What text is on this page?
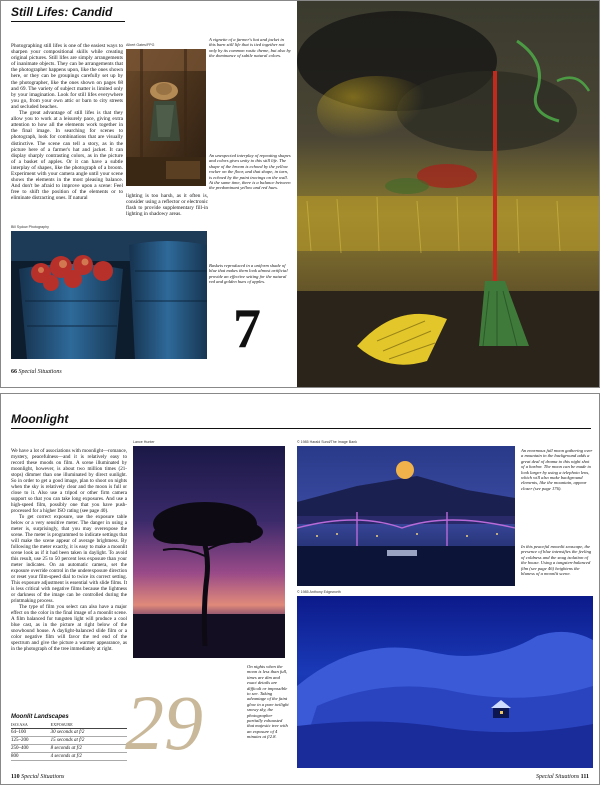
Still Lifes: Candid

Photographing still lifes is one of the easiest ways to sharpen your compositional skills while creating original pictures. Still lifes are simply arrangements of inanimate objects. They can be arrangements that the photographer happens upon, like the ones shown here, or they can be groupings carefully set up by the photographer, like the ones shown on pages 68 and 69. The variety of subject matter is limited only by your imagination. Look for still lifes everywhere you go, from your own attic or barn to city streets and secluded beaches.

The great advantage of still lifes is that they allow you to work at a leisurely pace, giving extra attention to how all the elements work together in the final image. In searching for scenes to photograph, look for combinations that are visually distinctive. The scene can tell a story, as in the picture here of a farmer's hat and jacket. It can display sharply contrasting colors, as in the picture of a basket of apples. Or it can have a subtle interplay of shapes, like the photograph of a broom. Experiment with your camera angle until your scene shows the elements in the most pleasing balance. And don't be afraid to improve upon a scene: Feel free to shift the position of the elements or to eliminate distracting ones. If natural

Albert Gates/FPG
A vignette of a farmer's hat and jacket in this barn still life that is tied together not only by its common rustic theme, but also by the dominance of subtle natural colors.
An unexpected interplay of repeating shapes and colors gives unity to this still life. The shape of the broom is echoed by the yellow rocker on the floor, and that shape, in turn, is echoed by the paint tracings on the wall. At the same time, there is a balance between the predominant yellow and red hues.
lighting is too harsh, as it often is, consider using a reflector or electronic flash to provide supplementary fill-in lighting in shadowy areas.
Bill Sydow Photography
Baskets reproduced in a uniform shade of blue that makes them look almost artificial provide an effective setting for the natural red and golden hues of apples.
7
66 Special Situations
Moonlight

We have a lot of associations with moonlight—romance, mystery, peacefulness—and it is relatively easy to record these moods on film. A scene illuminated by moonlight, however, is about two million times (21-stops) dimmer than one illuminated by direct sunlight. So in order to get a good image, plan to shoot on nights when the sky is relatively clear and the moon is full or close to it. Also use a tripod or other firm camera support so that you can take long exposures. And use a high-speed film, possibly one that you have push-processed for a higher ISO rating (see page 40).

To get correct exposure, use the exposure table below or a very sensitive meter. The danger in using a meter is, surprisingly, that you may overexpose the scene. The meter is programmed to indicate settings that will make the scene appear of average brightness. By following the meter exactly, it is easy to make a moonlit scene look as if it had been taken in daylight. To avoid this result, use 25 to 50 percent less exposure than your meter indicates. On an automatic camera, set the exposure override control in the underexposure direction or reset your film-speed dial to twice its correct setting. This exposure adjustment is essential with slide films. It is less critical with negative films because the lightness or darkness of the image can be controlled during the printmaking process.

The type of film you select can also have a major effect on the color in the final image of a moonlit scene. A film balanced for tungsten light will produce a cool blue cast, as in the picture at right below of the snowbound house. A daylight-balanced slide film or a color negative film will favor the red end of the spectrum and give the picture a warmer appearance, as in the photograph of the tree immediately at right.

Moonlit Landscapes
ISO/ASA	EXPOSURE
64–100	30 seconds at f/2
125–200	15 seconds at f/2
250–400	8 seconds at f/2
800	4 seconds at f/2
Lance Hunter
29
On nights when the moon is less than full, times are dim and exact details are difficult or impossible to see. Taking advantage of the faint glow in a pure twilight snowy sky, the photographer partially exhausted that majestic tree with an exposure of 4 minutes at f/2.8.
110 Special Situations
© 1985 Harald Sund/The Image Bank
An enormous full moon gathering over a mountain in the background adds a great deal of drama to this night shot of a harbor. The moon can be made to look larger by using a telephoto lens, which will also make background elements, like the mountain, appear closer (see page 176).
In this peaceful moonlit seascape, the presence of blue intensifies the feeling of coldness and the snug isolation of the house. Using a tungsten-balanced film (see page 46) heightens the bluness of a moonlit scene.
© 1985 Anthony Edgeworth
Special Situations 111
